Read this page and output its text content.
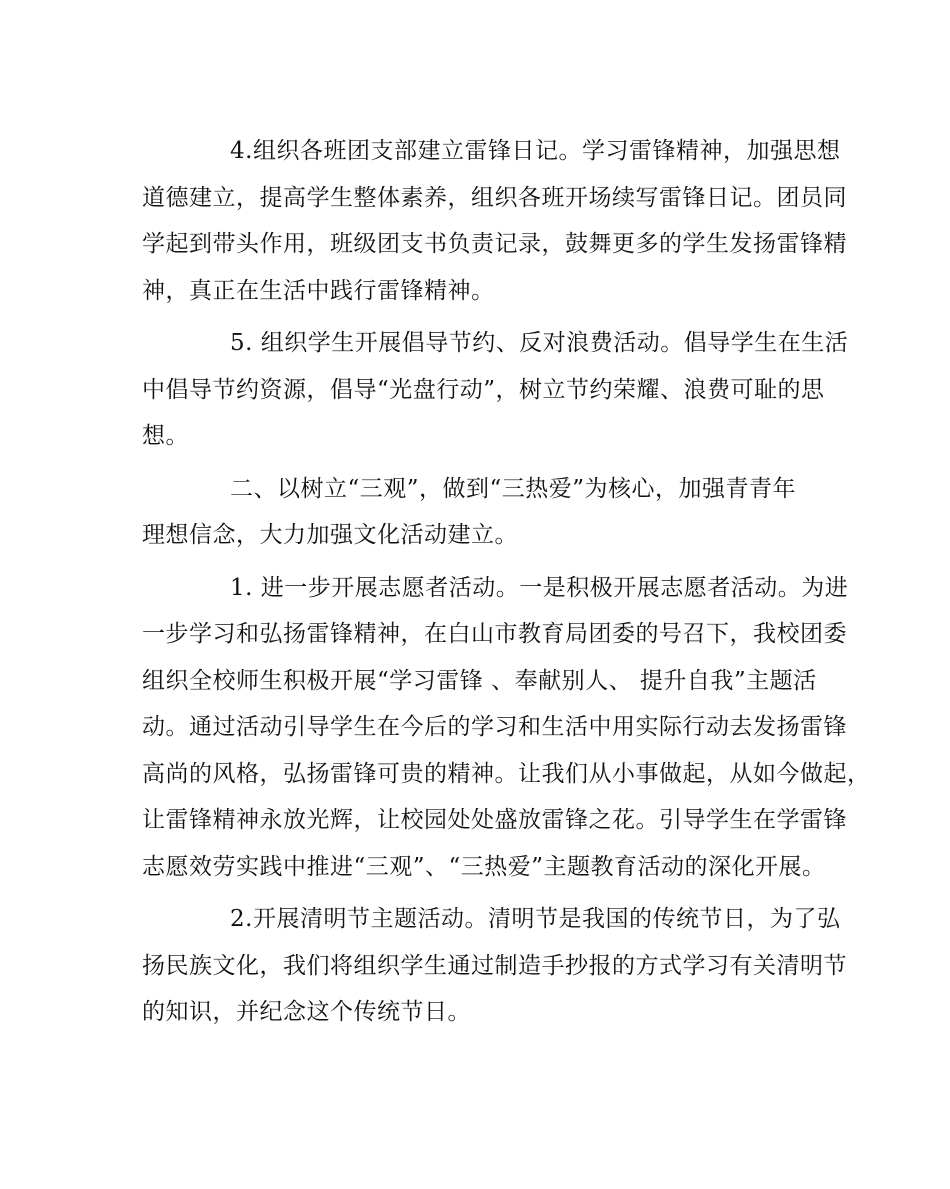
4.组织各班团支部建立雷锋日记。学习雷锋精神，加强思想
道德建立，提高学生整体素养，组织各班开场续写雷锋日记。团员同
学起到带头作用，班级团支书负责记录，鼓舞更多的学生发扬雷锋精
神，真正在生活中践行雷锋精神。

5. 组织学生开展倡导节约、反对浪费活动。倡导学生在生活
中倡导节约资源，倡导“光盘行动”，树立节约荣耀、浪费可耻的思
想。

二、以树立“三观”，做到“三热爱”为核心，加强青青年
理想信念，大力加强文化活动建立。

1. 进一步开展志愿者活动。一是积极开展志愿者活动。为进
一步学习和弘扬雷锋精神，在白山市教育局团委的号召下，我校团委
组织全校师生积极开展“学习雷锋 、奉献别人、 提升自我”主题活
动。通过活动引导学生在今后的学习和生活中用实际行动去发扬雷锋
高尚的风格，弘扬雷锋可贵的精神。让我们从小事做起，从如今做起，
让雷锋精神永放光辉，让校园处处盛放雷锋之花。引导学生在学雷锋
志愿效劳实践中推进“三观”、“三热爱”主题教育活动的深化开展。

2.开展清明节主题活动。清明节是我国的传统节日，为了弘
扬民族文化，我们将组织学生通过制造手抄报的方式学习有关清明节
的知识，并纪念这个传统节日。
